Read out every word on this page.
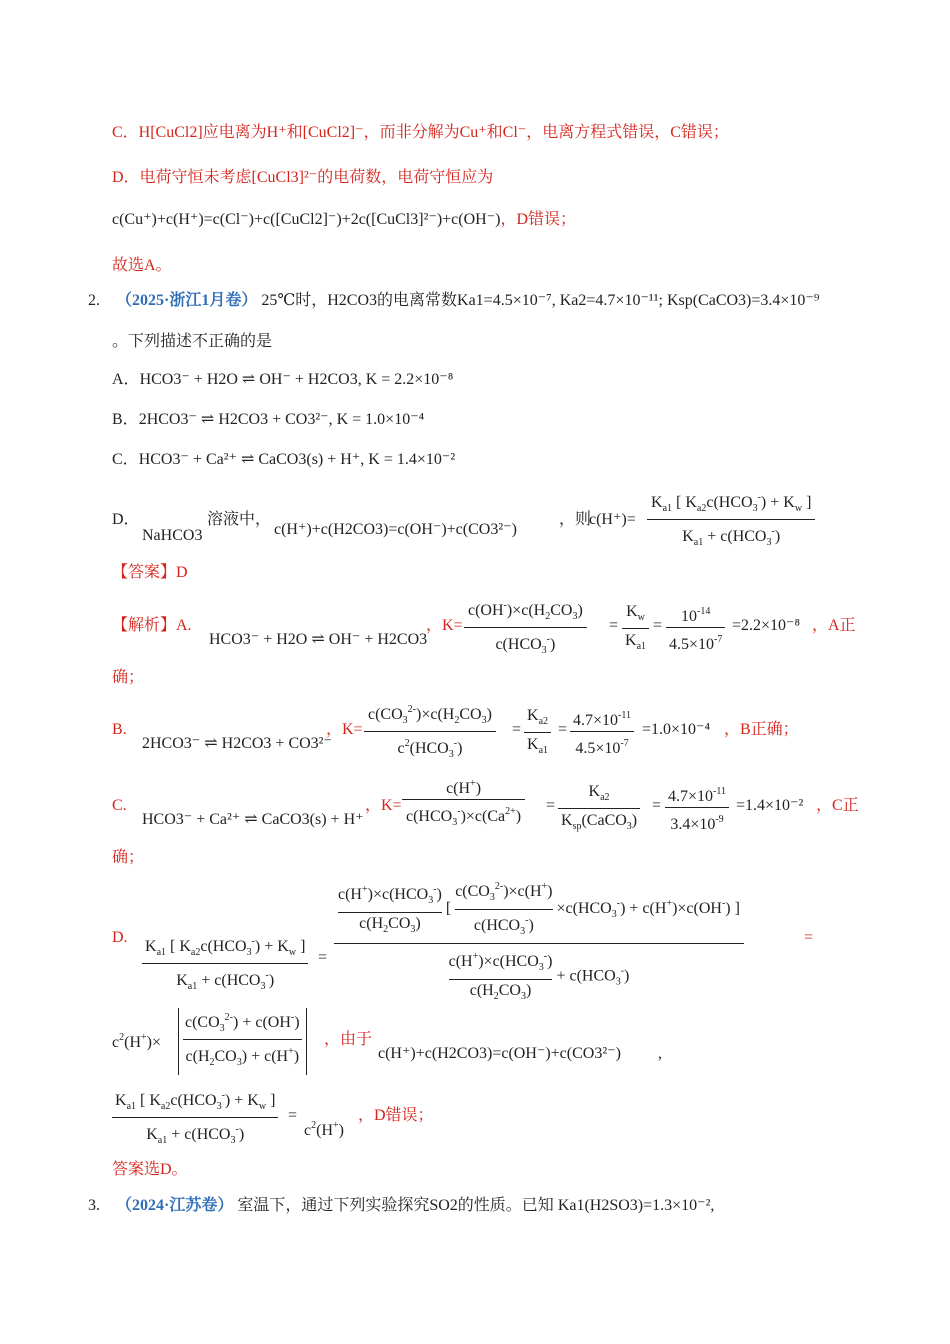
C．H[CuCl2]应电离为H⁺和[CuCl2]⁻，而非分解为Cu⁺和Cl⁻，电离方程式错误，C错误；
D．电荷守恒未考虑[CuCl3]²⁻的电荷数，电荷守恒应为
c(Cu⁺)+c(H⁺)=c(Cl⁻)+c([CuCl2]⁻)+2c([CuCl3]²⁻)+c(OH⁻)，D错误；
故选A。
2. （2025·浙江1月卷） 25℃时，H2CO3的电离常数Ka1=4.5×10⁻⁷, Ka2=4.7×10⁻¹¹; Ksp(CaCO3)=3.4×10⁻⁹
。下列描述不正确的是
A．HCO3⁻ + H2O ⇌ OH⁻ + H2CO3, K = 2.2×10⁻⁸
B．2HCO3⁻ ⇌ H2CO3 + CO3²⁻, K = 1.0×10⁻⁴
C．HCO3⁻ + Ca²⁺ ⇌ CaCO3(s) + H⁺, K = 1.4×10⁻²
D．
NaHCO3
溶液中，
c(H⁺)+c(H2CO3)=c(OH⁻)+c(CO3²⁻)
，则
c(H⁺)=
$K_{a1}$ [ $K_{a2}c(HCO_3^-) + K_w$ ]
$K_{a1} + c(HCO_3^-)$
【答案】D
【解析】A.
HCO3⁻ + H2O ⇌ OH⁻ + H2CO3
，K=
$c(OH^-)\times c(H_2CO_3)$
$c(HCO_3^-)$
=
$K_w$
$K_{a1}$
=
$10^{-14}$
$4.5\times 10^{-7}$
=2.2×10⁻⁸ ，A正
确；
B.
2HCO3⁻ ⇌ H2CO3 + CO3²⁻
，K=
$c(CO_3^{2-})\times c(H_2CO_3)$
$c^2(HCO_3^-)$
=
$K_{a2}$
$K_{a1}$
=
$4.7\times 10^{-11}$
$4.5\times 10^{-7}$
=1.0×10⁻⁴ ，B正确；
C.
HCO3⁻ + Ca²⁺ ⇌ CaCO3(s) + H⁺
，K=
c(H+)
$c(HCO_3^-)\times c(Ca^{2+})$
=
$K_{a2}$
$K_{sp}(CaCO_3)$
=
$4.7\times 10^{-11}$
$3.4\times 10^{-9}$
=1.4×10⁻² ，C正
确；
D.
$K_{a1}$ [ $K_{a2}c(HCO_3^-) + K_w$ ]
$K_{a1} + c(HCO_3^-)$
=
$c(H^+)\times c(HCO_3^-)$
$c(H_2CO_3)$
[
$c(CO_3^{2-})\times c(H^+)$
$c(HCO_3^-)$
$\times c(HCO_3^-) + c(H^+)\times c(OH^-)$ ]
$c(H^+)\times c(HCO_3^-)$
$c(H_2CO_3)$
+ $c(HCO_3^-)$
=
$c^2(H^+)\times$
$c(CO_3^{2-}) + c(OH^-)$
$c(H_2CO_3) + c(H^+)$
，由于
c(H⁺)+c(H2CO3)=c(OH⁻)+c(CO3²⁻) ,
$K_{a1}$ [ $K_{a2}c(HCO_3^-) + K_w$ ]
$K_{a1} + c(HCO_3^-)$
=
$c^2(H^+)$
，D错误；
答案选D。
3. （2024·江苏卷） 室温下，通过下列实验探究SO2的性质。已知 Ka1(H2SO3)=1.3×10⁻²,
